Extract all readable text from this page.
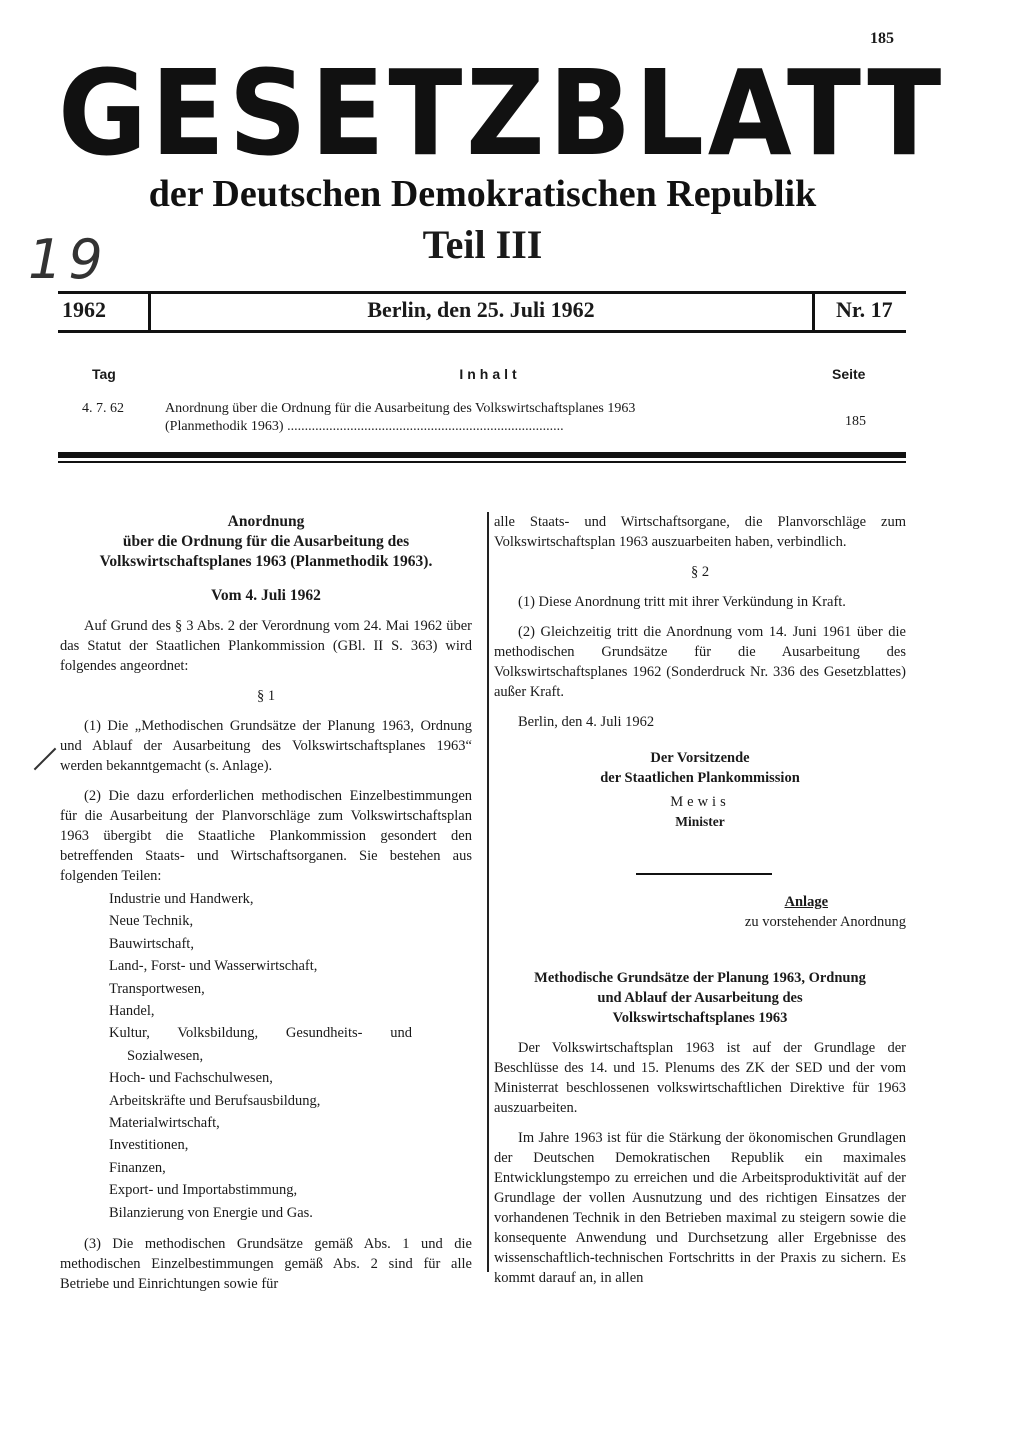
185
GESETZBLATT
der Deutschen Demokratischen Republik
Teil III
19
1962	Berlin, den 25. Juli 1962	Nr. 17
Tag	Inhalt	Seite
4. 7. 62	Anordnung über die Ordnung für die Ausarbeitung des Volkswirtschaftsplanes 1963
(Planmethodik 1963) ...............................................................................	185
Anordnung
über die Ordnung für die Ausarbeitung des Volkswirtschaftsplanes 1963 (Planmethodik 1963).
Vom 4. Juli 1962

Auf Grund des § 3 Abs. 2 der Verordnung vom 24. Mai 1962 über das Statut der Staatlichen Plankommission (GBl. II S. 363) wird folgendes angeordnet:

§ 1

(1) Die „Methodischen Grundsätze der Planung 1963, Ordnung und Ablauf der Ausarbeitung des Volkswirtschaftsplanes 1963“ werden bekanntgemacht (s. Anlage).

(2) Die dazu erforderlichen methodischen Einzelbestimmungen für die Ausarbeitung der Planvorschläge zum Volkswirtschaftsplan 1963 übergibt die Staatliche Plankommission gesondert den betreffenden Staats- und Wirtschaftsorganen. Sie bestehen aus folgenden Teilen:

Industrie und Handwerk,
Neue Technik,
Bauwirtschaft,
Land-, Forst- und Wasserwirtschaft,
Transportwesen,
Handel,
Kultur, Volksbildung, Gesundheits- und Sozialwesen,
Hoch- und Fachschulwesen,
Arbeitskräfte und Berufsausbildung,
Materialwirtschaft,
Investitionen,
Finanzen,
Export- und Importabstimmung,
Bilanzierung von Energie und Gas.

(3) Die methodischen Grundsätze gemäß Abs. 1 und die methodischen Einzelbestimmungen gemäß Abs. 2 sind für alle Betriebe und Einrichtungen sowie für

alle Staats- und Wirtschaftsorgane, die Planvorschläge zum Volkswirtschaftsplan 1963 auszuarbeiten haben, verbindlich.

§ 2

(1) Diese Anordnung tritt mit ihrer Verkündung in Kraft.

(2) Gleichzeitig tritt die Anordnung vom 14. Juni 1961 über die methodischen Grundsätze für die Ausarbeitung des Volkswirtschaftsplanes 1962 (Sonderdruck Nr. 336 des Gesetzblattes) außer Kraft.

Berlin, den 4. Juli 1962

Der Vorsitzende
der Staatlichen Plankommission
Mewis
Minister
Anlage
zu vorstehender Anordnung
Methodische Grundsätze der Planung 1963, Ordnung und Ablauf der Ausarbeitung des Volkswirtschaftsplanes 1963

Der Volkswirtschaftsplan 1963 ist auf der Grundlage der Beschlüsse des 14. und 15. Plenums des ZK der SED und der vom Ministerrat beschlossenen volkswirtschaftlichen Direktive für 1963 auszuarbeiten.

Im Jahre 1963 ist für die Stärkung der ökonomischen Grundlagen der Deutschen Demokratischen Republik ein maximales Entwicklungstempo zu erreichen und die Arbeitsproduktivität auf der Grundlage der vollen Ausnutzung und des richtigen Einsatzes der vorhandenen Technik in den Betrieben maximal zu steigern sowie die konsequente Anwendung und Durchsetzung aller Ergebnisse des wissenschaftlich-technischen Fortschritts in der Praxis zu sichern. Es kommt darauf an, in allen
